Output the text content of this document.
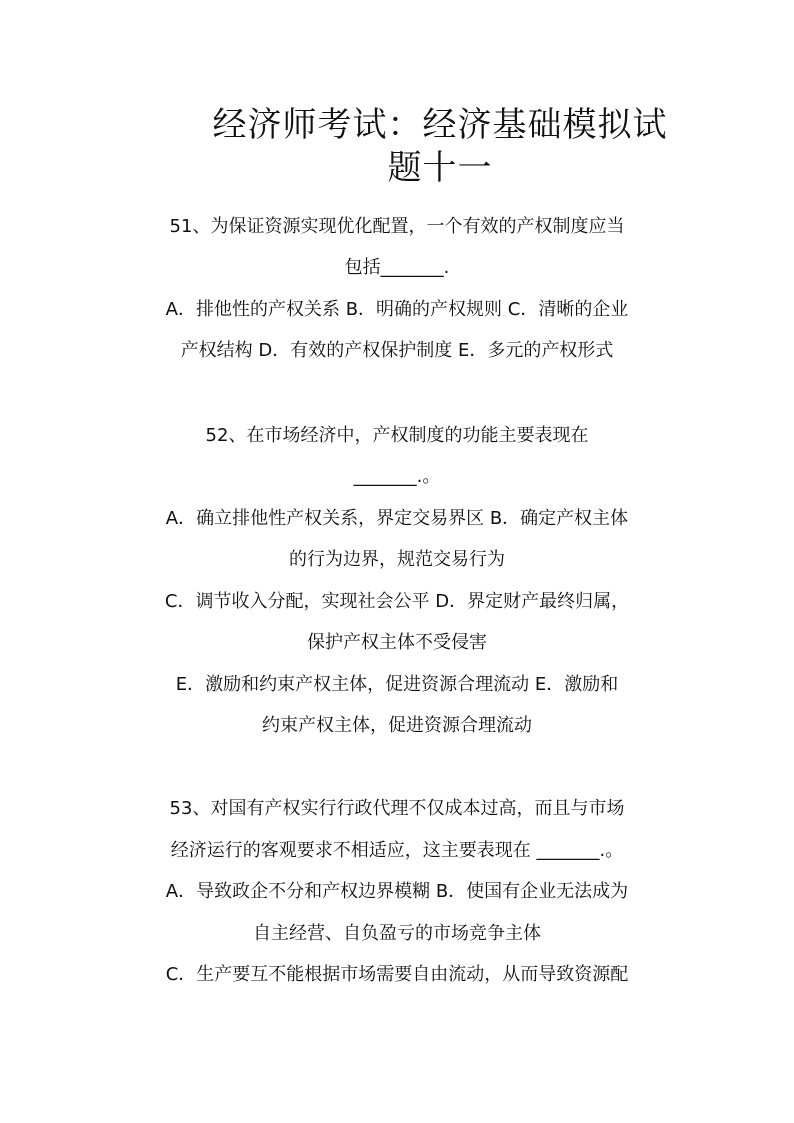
经济师考试：经济基础模拟试
题十一
51、为保证资源实现优化配置，一个有效的产权制度应当
包括_______.
A．排他性的产权关系 B．明确的产权规则 C．清晰的企业
产权结构 D．有效的产权保护制度 E．多元的产权形式
52、在市场经济中，产权制度的功能主要表现在
_______.。
A．确立排他性产权关系，界定交易界区 B．确定产权主体
的行为边界，规范交易行为
C．调节收入分配，实现社会公平 D．界定财产最终归属，
保护产权主体不受侵害
E．激励和约束产权主体，促进资源合理流动 E．激励和
约束产权主体，促进资源合理流动
53、对国有产权实行行政代理不仅成本过高，而且与市场
经济运行的客观要求不相适应，这主要表现在 _______.。
A．导致政企不分和产权边界模糊 B．使国有企业无法成为
自主经营、自负盈亏的市场竞争主体
C．生产要互不能根据市场需要自由流动，从而导致资源配
